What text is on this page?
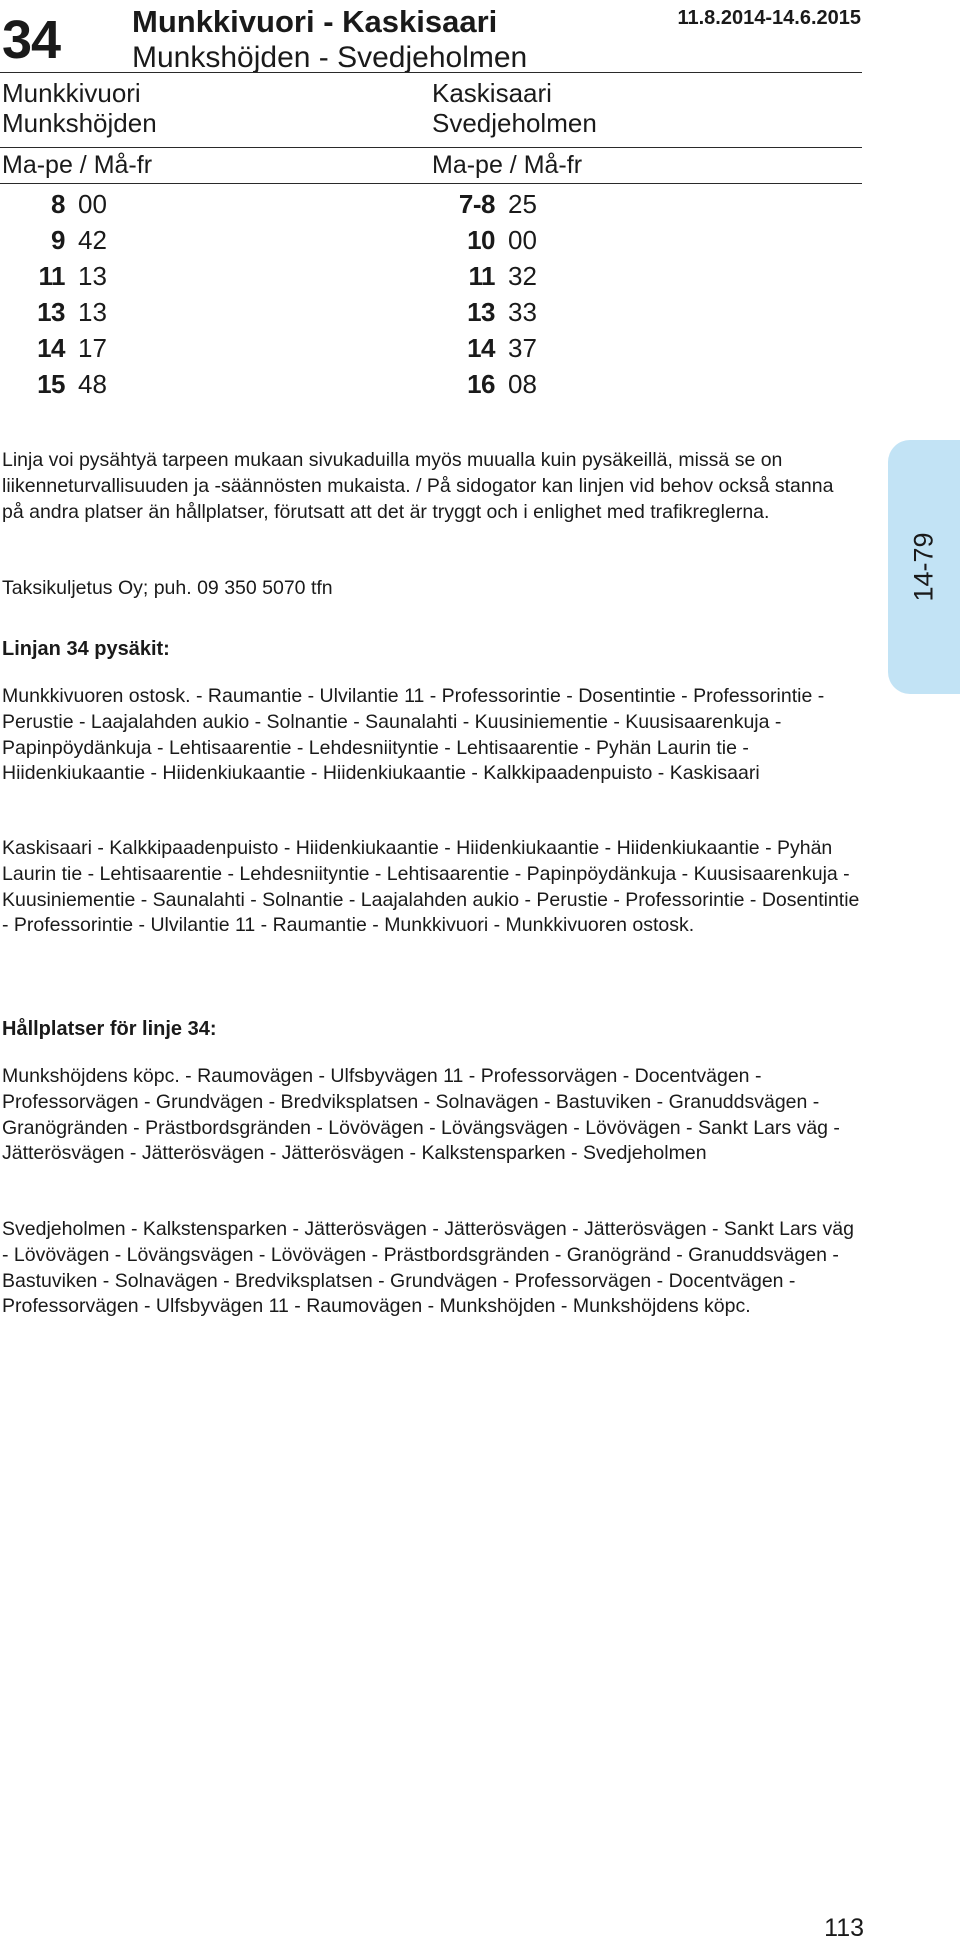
34 Munkkivuori - Kaskisaari
Munkshöjden - Svedjeholmen
11.8.2014-14.6.2015
Munkkivuori
Munkshöjden
Kaskisaari
Svedjeholmen
Ma-pe / Må-fr	Ma-pe / Må-fr
8 00
9 42
11 13
13 13
14 17
15 48
7-8 25
10 00
11 32
13 33
14 37
16 08
Linja voi pysähtyä tarpeen mukaan sivukaduilla myös muualla kuin pysäkeillä, missä se on liikenneturvallisuuden ja -säännösten mukaista. / På sidogator kan linjen vid behov också stanna på andra platser än hållplatser, förutsatt att det är tryggt och i enlighet med trafikreglerna.
Taksikuljetus Oy; puh. 09 350 5070 tfn
Linjan 34 pysäkit:
Munkkivuoren ostosk. - Raumantie - Ulvilantie 11 - Professorintie - Dosentintie - Professorintie - Perustie - Laajalahden aukio - Solnantie - Saunalahti - Kuusiniementie - Kuusisaarenkuja - Papinpöydänkuja - Lehtisaarentie - Lehdesniityntie - Lehtisaarentie - Pyhän Laurin tie - Hiidenkiukaantie - Hiidenkiukaantie - Hiidenkiukaantie - Kalkkipaadenpuisto - Kaskisaari
Kaskisaari - Kalkkipaadenpuisto - Hiidenkiukaantie - Hiidenkiukaantie - Hiidenkiukaantie - Pyhän Laurin tie - Lehtisaarentie - Lehdesniityntie - Lehtisaarentie - Papinpöydänkuja - Kuusisaarenkuja - Kuusiniementie - Saunalahti - Solnantie - Laajalahden aukio - Perustie - Professorintie - Dosentintie - Professorintie - Ulvilantie 11 - Raumantie - Munkkivuori - Munkkivuoren ostosk.
Hållplatser för linje 34:
Munkshöjdens köpc. - Raumovägen - Ulfsbyvägen 11 - Professorvägen - Docentvägen - Professorvägen - Grundvägen - Bredviksplatsen - Solnavägen - Bastuviken - Granuddsvägen - Granögränden - Prästbordsgränden - Lövövägen - Lövängsvägen - Lövövägen - Sankt Lars väg - Jätterösvägen - Jätterösvägen - Jätterösvägen - Kalkstensparken - Svedjeholmen
Svedjeholmen - Kalkstensparken - Jätterösvägen - Jätterösvägen - Jätterösvägen - Sankt Lars väg - Lövövägen - Lövängsvägen - Lövövägen - Prästbordsgränden - Granögränd - Granuddsvägen - Bastuviken - Solnavägen - Bredviksplatsen - Grundvägen - Professorvägen - Docentvägen - Professorvägen - Ulfsbyvägen 11 - Raumovägen - Munkshöjden - Munkshöjdens köpc.
14-79
113
